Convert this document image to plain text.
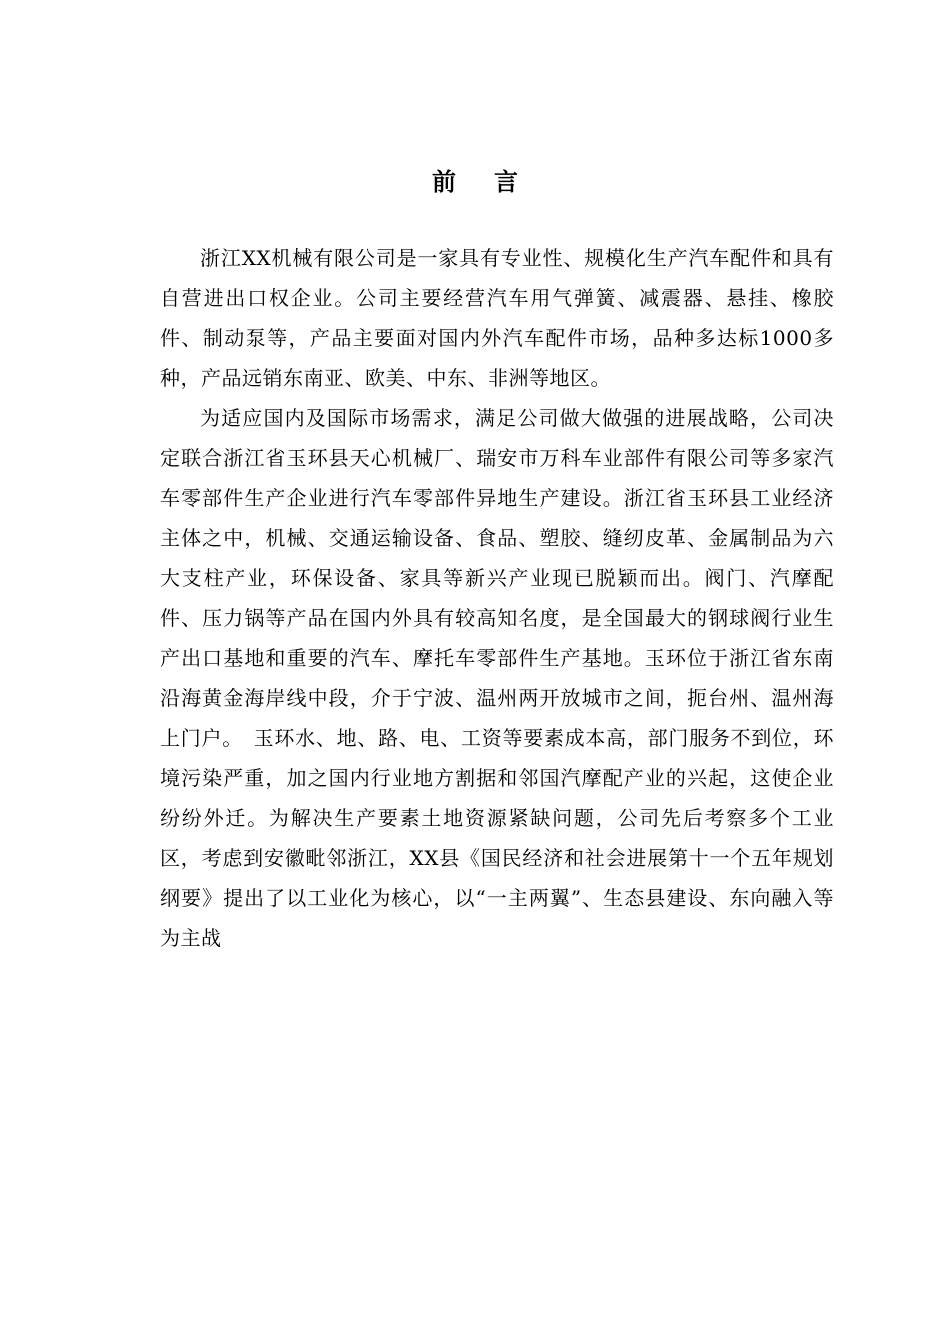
前言

浙江XX机械有限公司是一家具有专业性、规模化生产汽车配件和具有自营进出口权企业。公司主要经营汽车用气弹簧、减震器、悬挂、橡胶件、制动泵等，产品主要面对国内外汽车配件市场，品种多达标1000多种，产品远销东南亚、欧美、中东、非洲等地区。

为适应国内及国际市场需求，满足公司做大做强的进展战略，公司决定联合浙江省玉环县天心机械厂、瑞安市万科车业部件有限公司等多家汽车零部件生产企业进行汽车零部件异地生产建设。浙江省玉环县工业经济主体之中，机械、交通运输设备、食品、塑胶、缝纫皮革、金属制品为六大支柱产业，环保设备、家具等新兴产业现已脱颖而出。阀门、汽摩配件、压力锅等产品在国内外具有较高知名度，是全国最大的钢球阀行业生产出口基地和重要的汽车、摩托车零部件生产基地。玉环位于浙江省东南沿海黄金海岸线中段，介于宁波、温州两开放城市之间，扼台州、温州海上门户。　玉环水、地、路、电、工资等要素成本高，部门服务不到位，环境污染严重，加之国内行业地方割据和邻国汽摩配产业的兴起，这使企业纷纷外迁。为解决生产要素土地资源紧缺问题，公司先后考察多个工业区，考虑到安徽毗邻浙江，XX县《国民经济和社会进展第十一个五年规划纲要》提出了以工业化为核心，以“一主两翼”、生态县建设、东向融入等为主战
